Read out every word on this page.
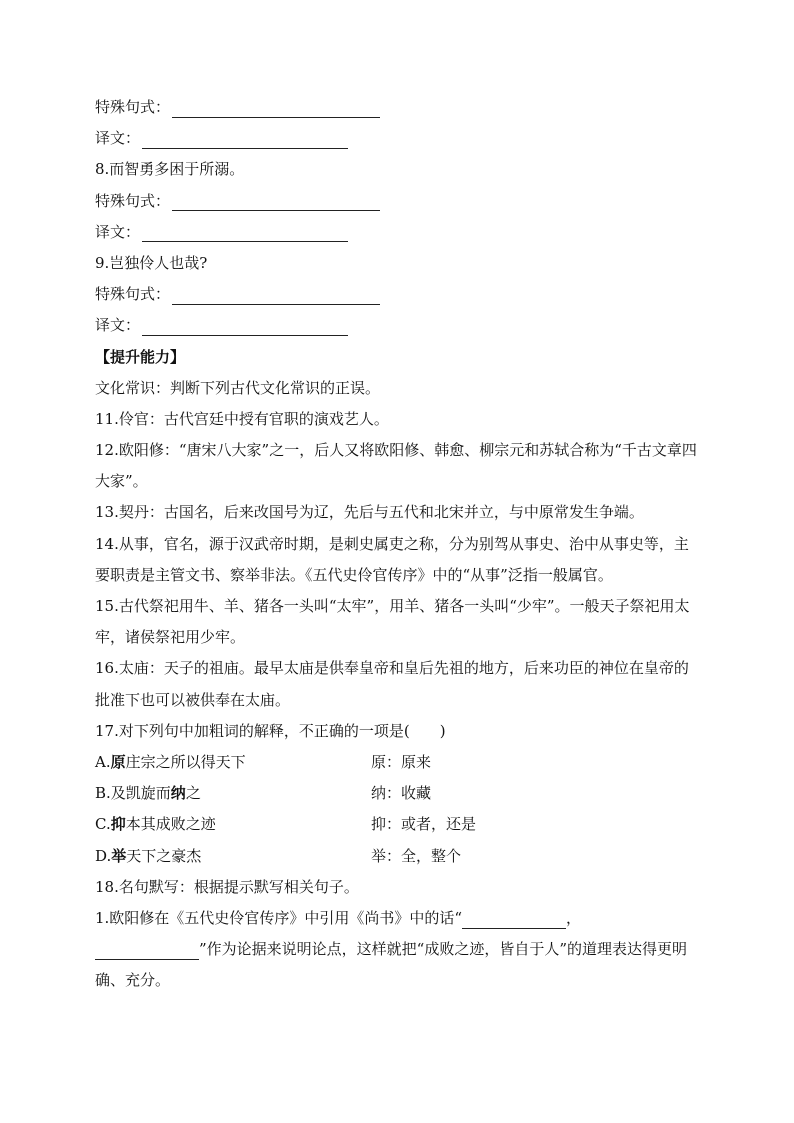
特殊句式：
译文：
8.而智勇多困于所溺。
特殊句式：
译文：
9.岂独伶人也哉?
特殊句式：
译文：
【提升能力】
文化常识：判断下列古代文化常识的正误。
11.伶官：古代宫廷中授有官职的演戏艺人。
12.欧阳修：“唐宋八大家”之一，后人又将欧阳修、韩愈、柳宗元和苏轼合称为“千古文章四大家”。
13.契丹：古国名，后来改国号为辽，先后与五代和北宋并立，与中原常发生争端。
14.从事，官名，源于汉武帝时期，是刺史属吏之称，分为别驾从事史、治中从事史等，主要职责是主管文书、察举非法。《五代史伶官传序》中的“从事”泛指一般属官。
15.古代祭祀用牛、羊、猪各一头叫“太牢”，用羊、猪各一头叫“少牢”。一般天子祭祀用太牢，诸侯祭祀用少牢。
16.太庙：天子的祖庙。最早太庙是供奉皇帝和皇后先祖的地方，后来功臣的神位在皇帝的批准下也可以被供奉在太庙。
17.对下列句中加粗词的解释，不正确的一项是(　　)
A.原庄宗之所以得天下	原：原来
B.及凯旋而纳之	纳：收藏
C.抑本其成败之迹	抑：或者，还是
D.举天下之豪杰	举：全，整个
18.名句默写：根据提示默写相关句子。
1.欧阳修在《五代史伶官传序》中引用《尚书》中的话“	，
”作为论据来说明论点，这样就把“成败之迹，皆自于人”的道理表达得更明确、充分。
